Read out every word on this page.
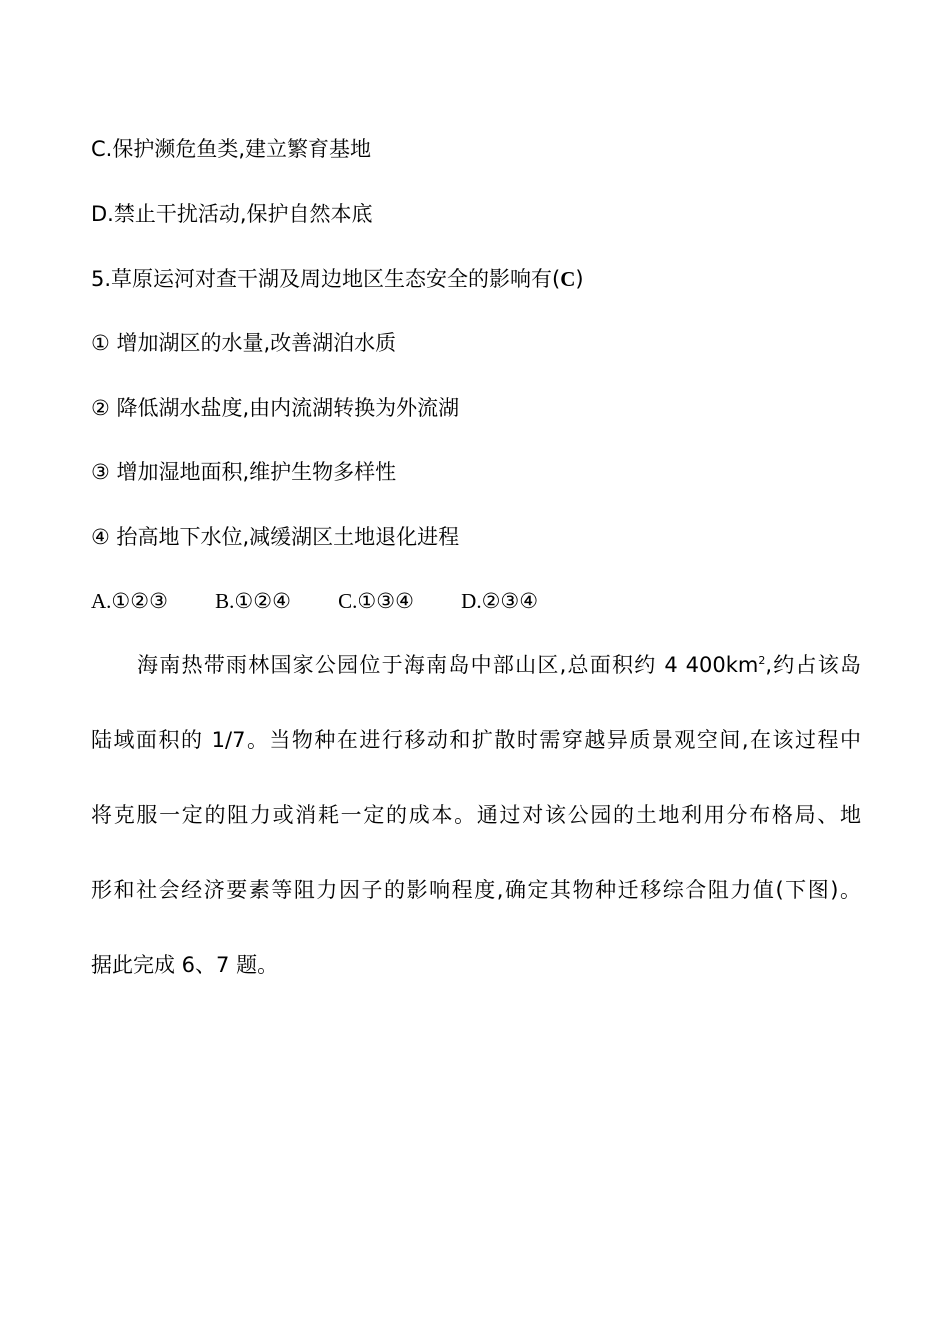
C.保护濒危鱼类,建立繁育基地
D.禁止干扰活动,保护自然本底
5.草原运河对查干湖及周边地区生态安全的影响有(C)
① 增加湖区的水量,改善湖泊水质
② 降低湖水盐度,由内流湖转换为外流湖
③ 增加湿地面积,维护生物多样性
④ 抬高地下水位,减缓湖区土地退化进程
A.①②③ B.①②④ C.①③④ D.②③④
海南热带雨林国家公园位于海南岛中部山区,总面积约 4 $400km^2$,约占该岛
陆域面积的 1/7。当物种在进行移动和扩散时需穿越异质景观空间,在该过程中
将克服一定的阻力或消耗一定的成本。通过对该公园的土地利用分布格局、地
形和社会经济要素等阻力因子的影响程度,确定其物种迁移综合阻力值(下图)。
据此完成 6、7 题。
